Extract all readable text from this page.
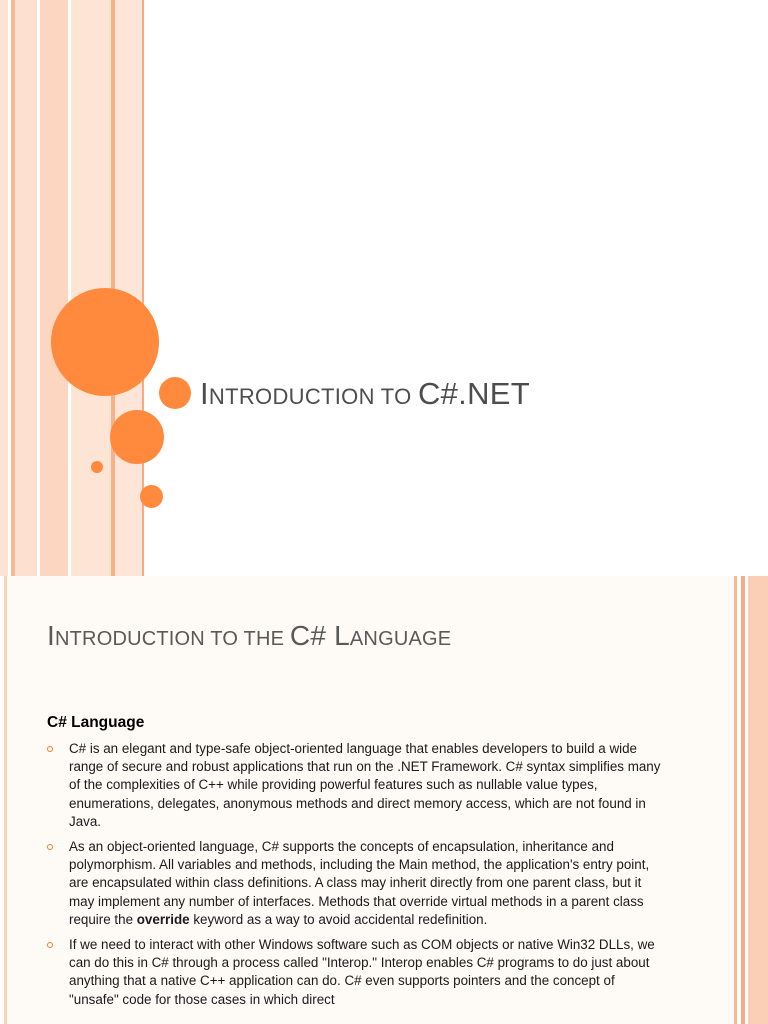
INTRODUCTION TO C#.NET
INTRODUCTION TO THE C# LANGUAGE
C# Language
C# is an elegant and type-safe object-oriented language that enables developers to build a wide range of secure and robust applications that run on the .NET Framework. C# syntax simplifies many of the complexities of C++ while providing powerful features such as nullable value types, enumerations, delegates, anonymous methods and direct memory access, which are not found in Java.
As an object-oriented language, C# supports the concepts of encapsulation, inheritance and polymorphism. All variables and methods, including the Main method, the application's entry point, are encapsulated within class definitions. A class may inherit directly from one parent class, but it may implement any number of interfaces. Methods that override virtual methods in a parent class require the override keyword as a way to avoid accidental redefinition.
If we need to interact with other Windows software such as COM objects or native Win32 DLLs, we can do this in C# through a process called "Interop." Interop enables C# programs to do just about anything that a native C++ application can do. C# even supports pointers and the concept of "unsafe" code for those cases in which direct
